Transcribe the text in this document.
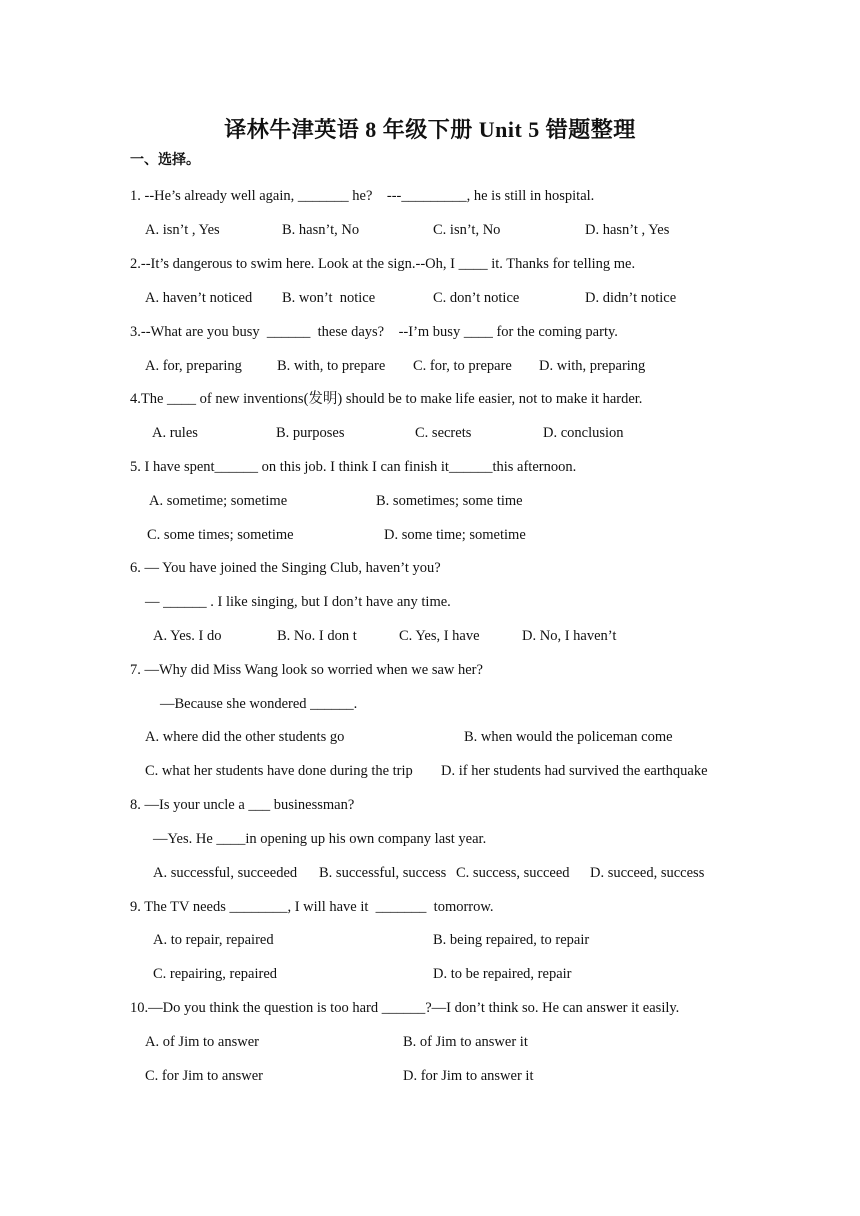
译林牛津英语 8 年级下册 Unit 5 错题整理
一、选择。
1. --He’s already well again, _______ he?    ---_________, he is still in hospital.
A. isn’t , Yes	B. hasn’t, No	C. isn’t, No	D. hasn’t , Yes
2.--It’s dangerous to swim here. Look at the sign.--Oh, I ____ it. Thanks for telling me.
A. haven’t noticed B. won’t  notice	C. don’t notice	D. didn’t notice
3.--What are you busy  ______  these days?    --I’m busy ____ for the coming party.
A. for, preparing B. with, to prepare C. for, to prepare D. with, preparing
4.The ____ of new inventions(发明) should be to make life easier, not to make it harder.
A. rules	B. purposes	C. secrets	D. conclusion
5. I have spent______ on this job. I think I can finish it______this afternoon.
A. sometime; sometime	B. sometimes; some time
C. some times; sometime	D. some time; sometime
6. — You have joined the Singing Club, haven’t you?
— ______ . I like singing, but I don’t have any time.
A. Yes. I do	B. No. I don t	C. Yes, I have	D. No, I haven’t
7. —Why did Miss Wang look so worried when we saw her?
—Because she wondered ______.
A. where did the other students go	B. when would the policeman come
C. what her students have done during the trip D. if her students had survived the earthquake
8. —Is your uncle a ___ businessman?
—Yes. He ____in opening up his own company last year.
A. successful, succeeded B. successful, success C. success, succeed D. succeed, success
9. The TV needs ________, I will have it  _______  tomorrow.
A. to repair, repaired	B. being repaired, to repair
C. repairing, repaired	D. to be repaired, repair
10.—Do you think the question is too hard ______?—I don’t think so. He can answer it easily.
A. of Jim to answer	B. of Jim to answer it
C. for Jim to answer	D. for Jim to answer it
